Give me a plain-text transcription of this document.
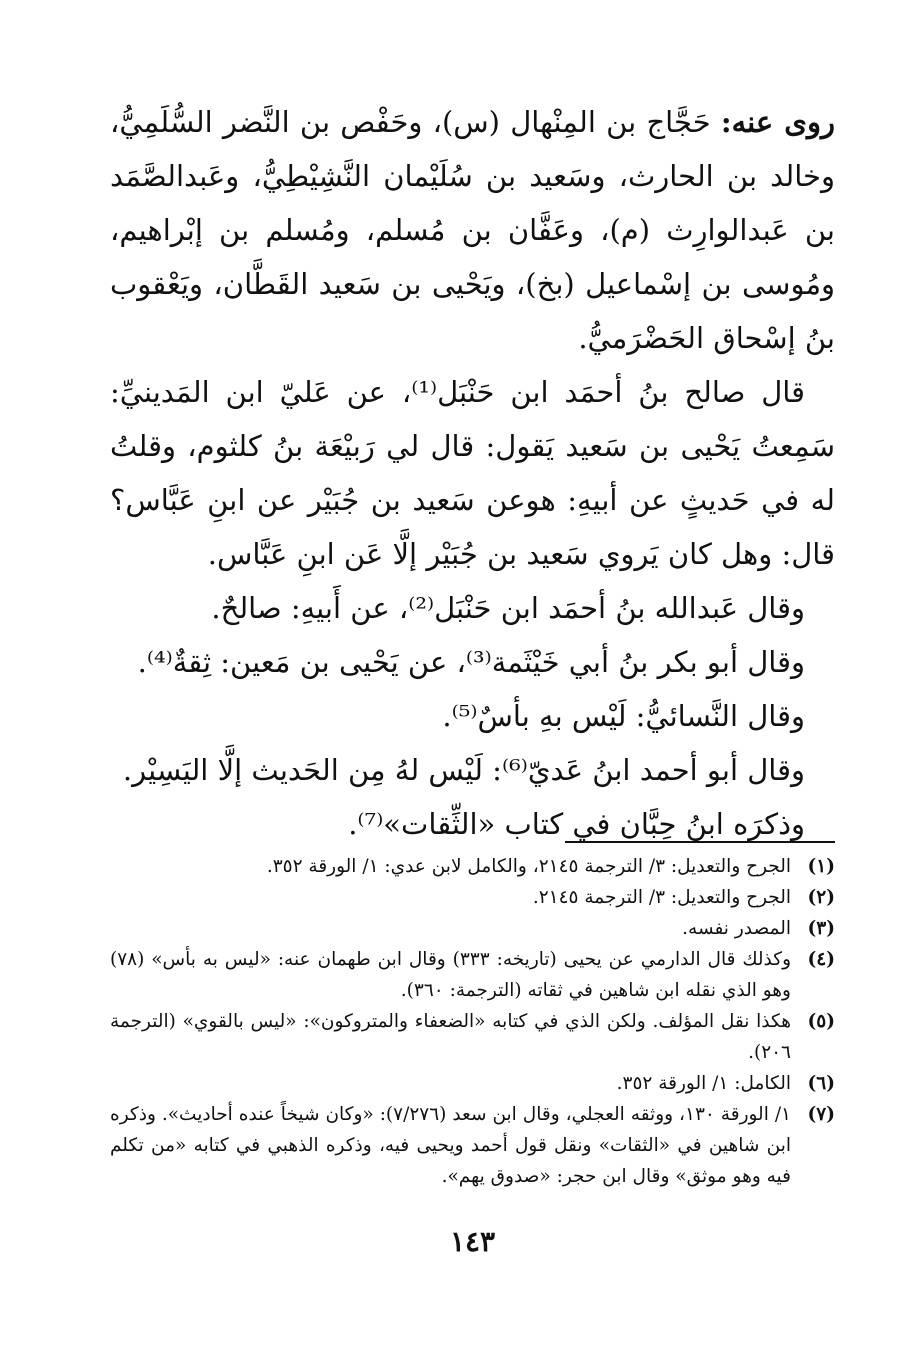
روى عنه: حَجَّاج بن المِنْهال (س)، وحَفْص بن النَّضر السُّلَمِيُّ، وخالد بن الحارث، وسَعيد بن سُلَيْمان النَّشِيْطِيُّ، وعَبدالصَّمَد بن عَبدالوارِث (م)، وعَفَّان بن مُسلم، ومُسلم بن إبْراهيم، ومُوسى بن إسْماعيل (بخ)، ويَحْيى بن سَعيد القَطَّان، ويَعْقوب بنُ إسْحاق الحَضْرَميُّ.

قال صالح بنُ أحمَد ابن حَنْبَل⁽¹⁾، عن عَليّ ابن المَدينيِّ: سَمِعتُ يَحْيى بن سَعيد يَقول: قال لي رَبيْعَة بنُ كلثوم، وقلتُ له في حَديثٍ عن أبيهِ: هوعن سَعيد بن جُبَيْر عن ابنِ عَبَّاس؟ قال: وهل كان يَروي سَعيد بن جُبَيْر إلَّا عَن ابنِ عَبَّاس.

وقال عَبدالله بنُ أحمَد ابن حَنْبَل⁽²⁾، عن أَبيهِ: صالحٌ.

وقال أبو بكر بنُ أبي خَيْثَمة⁽³⁾، عن يَحْيى بن مَعين: ثِقةٌ⁽⁴⁾.

وقال النَّسائيُّ: لَيْس بهِ بأسٌ⁽⁵⁾.

وقال أبو أحمد ابنُ عَديّ⁽⁶⁾: لَيْس لهُ مِن الحَديث إلَّا اليَسِيْر.

وذكرَه ابنُ حِبَّان في كتاب «الثِّقات»⁽⁷⁾.

(١)
الجرح والتعديل: ٣/ الترجمة ٢١٤٥، والكامل لابن عدي: ١/ الورقة ٣٥٢.
(٢)
الجرح والتعديل: ٣/ الترجمة ٢١٤٥.
(٣)
المصدر نفسه.
(٤)
وكذلك قال الدارمي عن يحيى (تاريخه: ٣٣٣) وقال ابن طهمان عنه: «ليس به بأس» (٧٨) وهو الذي نقله ابن شاهين في ثقاته (الترجمة: ٣٦٠).
(٥)
هكذا نقل المؤلف. ولكن الذي في كتابه «الضعفاء والمتروكون»: «ليس بالقوي» (الترجمة ٢٠٦).
(٦)
الكامل: ١/ الورقة ٣٥٢.
(٧)
١/ الورقة ١٣٠، ووثقه العجلي، وقال ابن سعد (٧/٢٧٦): «وكان شيخاً عنده أحاديث». وذكره ابن شاهين في «الثقات» ونقل قول أحمد ويحيى فيه، وذكره الذهبي في كتابه «من تكلم فيه وهو موثق» وقال ابن حجر: «صدوق يهم».
١٤٣
